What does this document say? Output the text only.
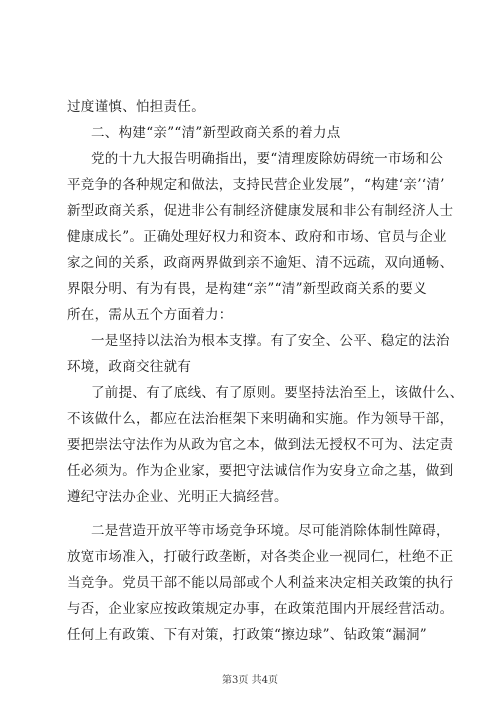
过度谨慎、怕担责任。
二、构建“亲”“清”新型政商关系的着力点
党的十九大报告明确指出，要“清理废除妨碍统一市场和公
平竞争的各种规定和做法，支持民营企业发展”，“构建‘亲’‘清’
新型政商关系，促进非公有制经济健康发展和非公有制经济人士
健康成长”。正确处理好权力和资本、政府和市场、官员与企业
家之间的关系，政商两界做到亲不逾矩、清不远疏，双向通畅、
界限分明、有为有畏，是构建“亲”“清”新型政商关系的要义
所在，需从五个方面着力：
一是坚持以法治为根本支撑。有了安全、公平、稳定的法治
环境，政商交往就有
了前提、有了底线、有了原则。要坚持法治至上，该做什么、
不该做什么，都应在法治框架下来明确和实施。作为领导干部，
要把崇法守法作为从政为官之本，做到法无授权不可为、法定责
任必须为。作为企业家，要把守法诚信作为安身立命之基，做到
遵纪守法办企业、光明正大搞经营。
二是营造开放平等市场竞争环境。尽可能消除体制性障碍，
放宽市场准入，打破行政垄断，对各类企业一视同仁，杜绝不正
当竞争。党员干部不能以局部或个人利益来决定相关政策的执行
与否，企业家应按政策规定办事，在政策范围内开展经营活动。
任何上有政策、下有对策，打政策“擦边球”、钻政策“漏洞”
第3页 共4页
